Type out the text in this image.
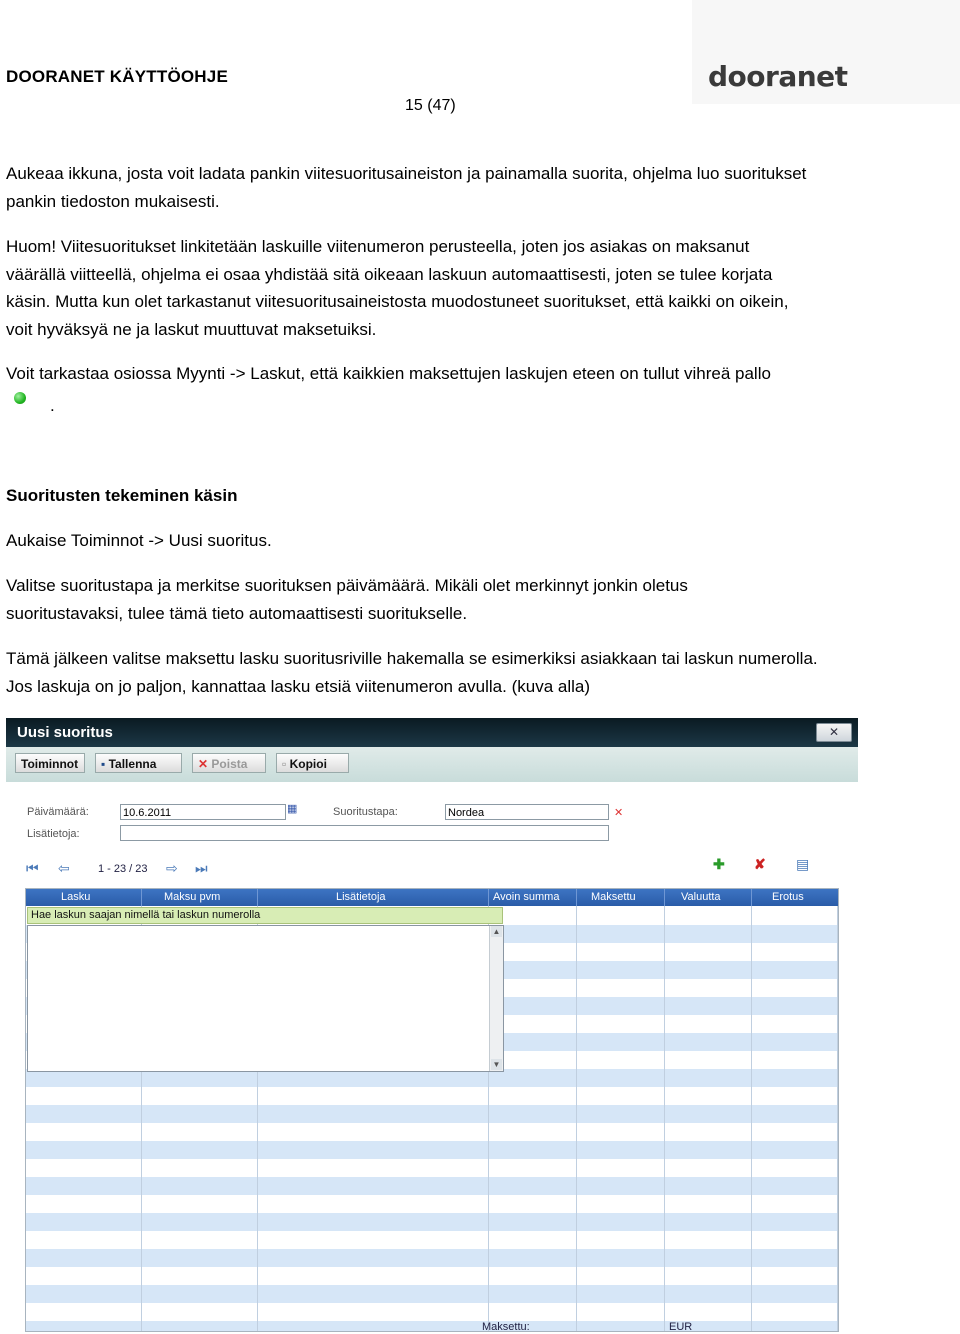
DOORANET KÄYTTÖOHJE
15 (47)
dooranet
Aukeaa ikkuna, josta voit ladata pankin viitesuoritusaineiston ja painamalla suorita, ohjelma luo suoritukset
pankin tiedoston mukaisesti.
Huom! Viitesuoritukset linkitetään laskuille viitenumeron perusteella, joten jos asiakas on maksanut
väärällä viitteellä, ohjelma ei osaa yhdistää sitä oikeaan laskuun automaattisesti, joten se tulee korjata
käsin. Mutta kun olet tarkastanut viitesuoritusaineistosta muodostuneet suoritukset, että kaikki on oikein,
voit hyväksyä ne ja laskut muuttuvat maksetuiksi.
Voit tarkastaa osiossa Myynti -> Laskut, että kaikkien maksettujen laskujen eteen on tullut vihreä pallo
.
Suoritusten tekeminen käsin
Aukaise Toiminnot -> Uusi suoritus.
Valitse suoritustapa ja merkitse suorituksen päivämäärä. Mikäli olet merkinnyt jonkin oletus
suoritustavaksi, tulee tämä tieto automaattisesti suoritukselle.
Tämä jälkeen valitse maksettu lasku suoritusriville hakemalla se esimerkiksi asiakkaan tai laskun numerolla.
Jos laskuja on jo paljon, kannattaa lasku etsiä viitenumeron avulla. (kuva alla)
Uusi suoritus	✕
Toiminnot	▪ Tallenna	✕ Poista	▫ Kopioi
Päivämäärä:	10.6.2011	▦
Lisätietoja:
Suoritustapa:	Nordea	✕
⏮ ⇦	1 - 23 / 23 ⇨ ⏭	✚ ✘ ▤
Lasku	Maksu pvm	Lisätietoja	Avoin summa	Maksettu	Valuutta	Erotus
Hae laskun saajan nimellä tai laskun numerolla
▲
▼
Maksettu:	EUR
